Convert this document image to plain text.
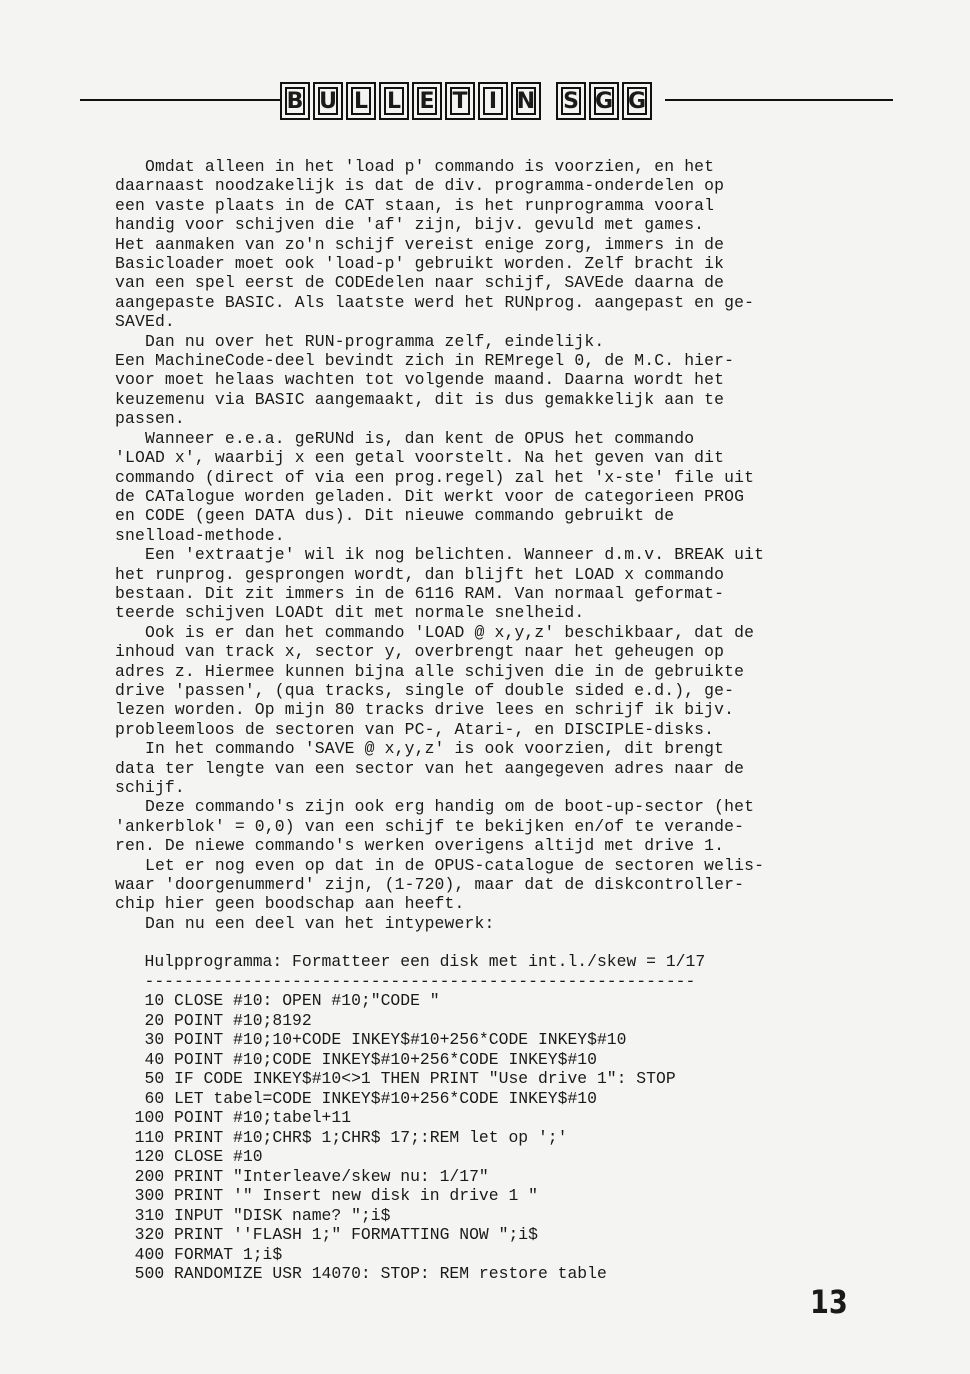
B U L L E T I N	S G G

Omdat alleen in het 'load p' commando is voorzien, en het

daarnaast noodzakelijk is dat de div. programma-onderdelen op

een vaste plaats in de CAT staan, is het runprogramma vooral

handig voor schijven die 'af' zijn, bijv. gevuld met games.

Het aanmaken van zo'n schijf vereist enige zorg, immers in de

Basicloader moet ook 'load-p' gebruikt worden. Zelf bracht ik

van een spel eerst de CODEdelen naar schijf, SAVEde daarna de

aangepaste BASIC. Als laatste werd het RUNprog. aangepast en ge-

SAVEd.

Dan nu over het RUN-programma zelf, eindelijk.

Een MachineCode-deel bevindt zich in REMregel 0, de M.C. hier-

voor moet helaas wachten tot volgende maand. Daarna wordt het

keuzemenu via BASIC aangemaakt, dit is dus gemakkelijk aan te

passen.

Wanneer e.e.a. geRUNd is, dan kent de OPUS het commando

'LOAD x', waarbij x een getal voorstelt. Na het geven van dit

commando (direct of via een prog.regel) zal het 'x-ste' file uit

de CATalogue worden geladen. Dit werkt voor de categorieen PROG

en CODE (geen DATA dus). Dit nieuwe commando gebruikt de

snelload-methode.

Een 'extraatje' wil ik nog belichten. Wanneer d.m.v. BREAK uit

het runprog. gesprongen wordt, dan blijft het LOAD x commando

bestaan. Dit zit immers in de 6116 RAM. Van normaal geformat-

teerde schijven LOADt dit met normale snelheid.

Ook is er dan het commando 'LOAD @ x,y,z' beschikbaar, dat de

inhoud van track x, sector y, overbrengt naar het geheugen op

adres z. Hiermee kunnen bijna alle schijven die in de gebruikte

drive 'passen', (qua tracks, single of double sided e.d.), ge-

lezen worden. Op mijn 80 tracks drive lees en schrijf ik bijv.

probleemloos de sectoren van PC-, Atari-, en DISCIPLE-disks.

In het commando 'SAVE @ x,y,z' is ook voorzien, dit brengt

data ter lengte van een sector van het aangegeven adres naar de

schijf.

Deze commando's zijn ook erg handig om de boot-up-sector (het

'ankerblok' = 0,0) van een schijf te bekijken en/of te verande-

ren. De niewe commando's werken overigens altijd met drive 1.

Let er nog even op dat in de OPUS-catalogue de sectoren welis-

waar 'doorgenummerd' zijn, (1-720), maar dat de diskcontroller-

chip hier geen boodschap aan heeft.

Dan nu een deel van het intypewerk:

Hulpprogramma: Formatteer een disk met int.l./skew = 1/17

--------------------------------------------------------

10 CLOSE #10: OPEN #10;"CODE "

20 POINT #10;8192

30 POINT #10;10+CODE INKEY$#10+256*CODE INKEY$#10

40 POINT #10;CODE INKEY$#10+256*CODE INKEY$#10

50 IF CODE INKEY$#10<>1 THEN PRINT "Use drive 1": STOP

60 LET tabel=CODE INKEY$#10+256*CODE INKEY$#10

100 POINT #10;tabel+11

110 PRINT #10;CHR$ 1;CHR$ 17;:REM let op ';'

120 CLOSE #10

200 PRINT "Interleave/skew nu: 1/17"

300 PRINT '" Insert new disk in drive 1 "

310 INPUT "DISK name? ";i$

320 PRINT ''FLASH 1;" FORMATTING NOW ";i$

400 FORMAT 1;i$

500 RANDOMIZE USR 14070: STOP: REM restore table

13
